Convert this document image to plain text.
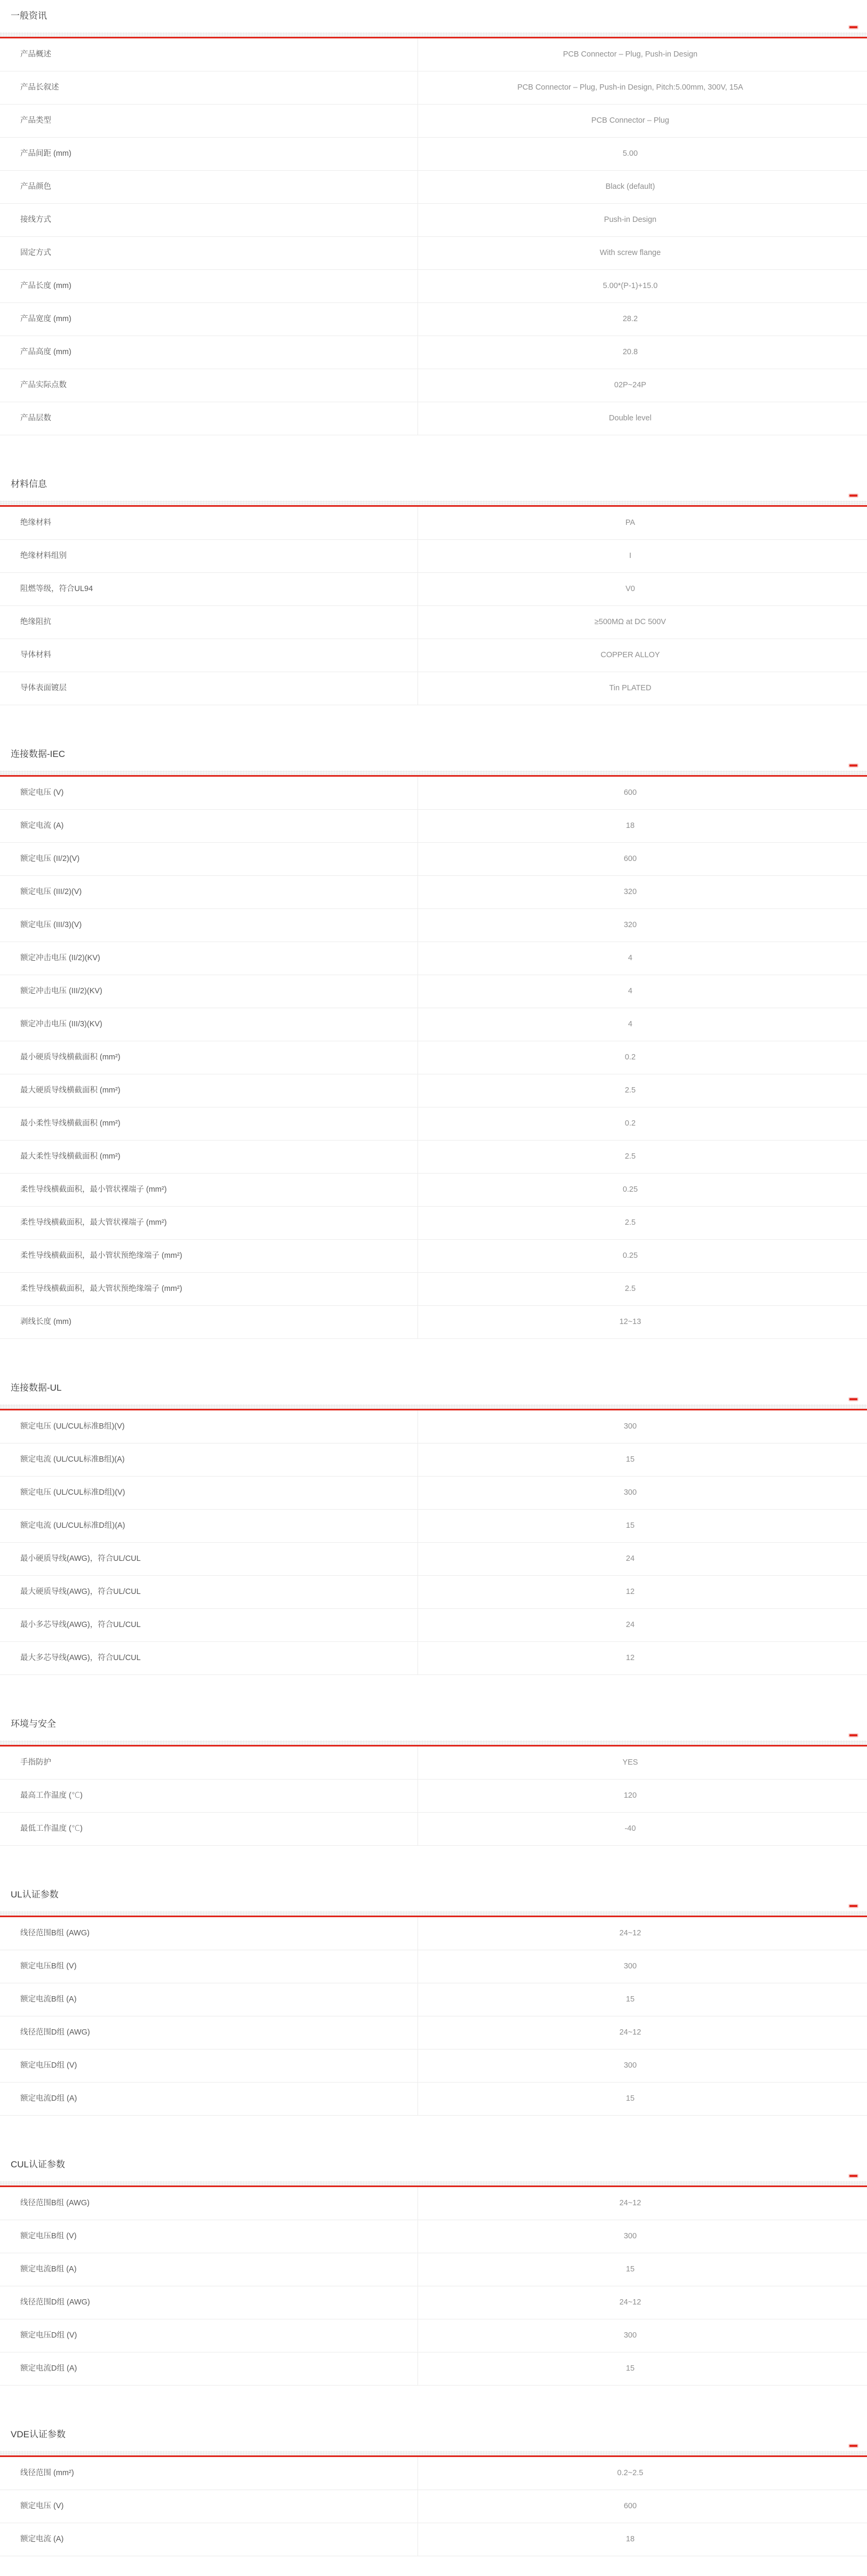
一般资讯
产品概述	PCB Connector – Plug, Push-in Design
产品长叙述	PCB Connector – Plug, Push-in Design, Pitch:5.00mm, 300V, 15A
产品类型	PCB Connector – Plug
产品间距 (mm)	5.00
产品颜色	Black (default)
接线方式	Push-in Design
固定方式	With screw flange
产品长度 (mm)	5.00*(P-1)+15.0
产品宽度 (mm)	28.2
产品高度 (mm)	20.8
产品实际点数	02P~24P
产品层数	Double level
材料信息
绝缘材料	PA
绝缘材料组别	I
阻燃等级，符合UL94	V0
绝缘阻抗	≥500MΩ at DC 500V
导体材料	COPPER ALLOY
导体表面镀层	Tin PLATED
连接数据-IEC
额定电压 (V)	600
额定电流 (A)	18
额定电压 (II/2)(V)	600
额定电压 (III/2)(V)	320
额定电压 (III/3)(V)	320
额定冲击电压 (II/2)(KV)	4
额定冲击电压 (III/2)(KV)	4
额定冲击电压 (III/3)(KV)	4
最小硬质导线横截面积 (mm²)	0.2
最大硬质导线横截面积 (mm²)	2.5
最小柔性导线横截面积 (mm²)	0.2
最大柔性导线横截面积 (mm²)	2.5
柔性导线横截面积，最小管状裸端子 (mm²)	0.25
柔性导线横截面积，最大管状裸端子 (mm²)	2.5
柔性导线横截面积，最小管状预绝缘端子 (mm²)	0.25
柔性导线横截面积，最大管状预绝缘端子 (mm²)	2.5
剥线长度 (mm)	12~13
连接数据-UL
额定电压 (UL/CUL标准B组)(V)	300
额定电流 (UL/CUL标准B组)(A)	15
额定电压 (UL/CUL标准D组)(V)	300
额定电流 (UL/CUL标准D组)(A)	15
最小硬质导线(AWG)，符合UL/CUL	24
最大硬质导线(AWG)，符合UL/CUL	12
最小多芯导线(AWG)，符合UL/CUL	24
最大多芯导线(AWG)，符合UL/CUL	12
环境与安全
手指防护	YES
最高工作温度 (℃)	120
最低工作温度 (℃)	-40
UL认证参数
线径范围B组 (AWG)	24~12
额定电压B组 (V)	300
额定电流B组 (A)	15
线径范围D组 (AWG)	24~12
额定电压D组 (V)	300
额定电流D组 (A)	15
CUL认证参数
线径范围B组 (AWG)	24~12
额定电压B组 (V)	300
额定电流B组 (A)	15
线径范围D组 (AWG)	24~12
额定电压D组 (V)	300
额定电流D组 (A)	15
VDE认证参数
线径范围 (mm²)	0.2~2.5
额定电压 (V)	600
额定电流 (A)	18
